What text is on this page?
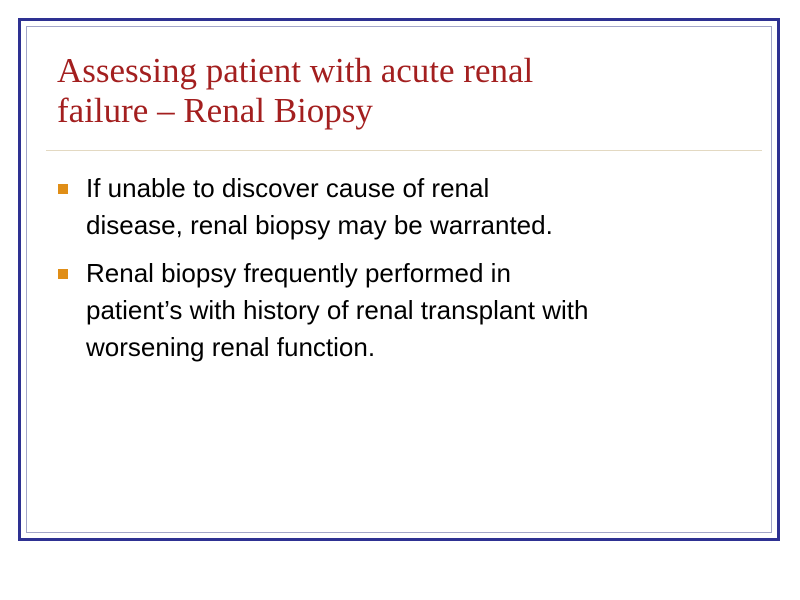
Assessing patient with acute renal
failure – Renal Biopsy
If unable to discover cause of renal
disease, renal biopsy may be warranted.
Renal biopsy frequently performed in
patient’s with history of renal transplant with
worsening renal function.
